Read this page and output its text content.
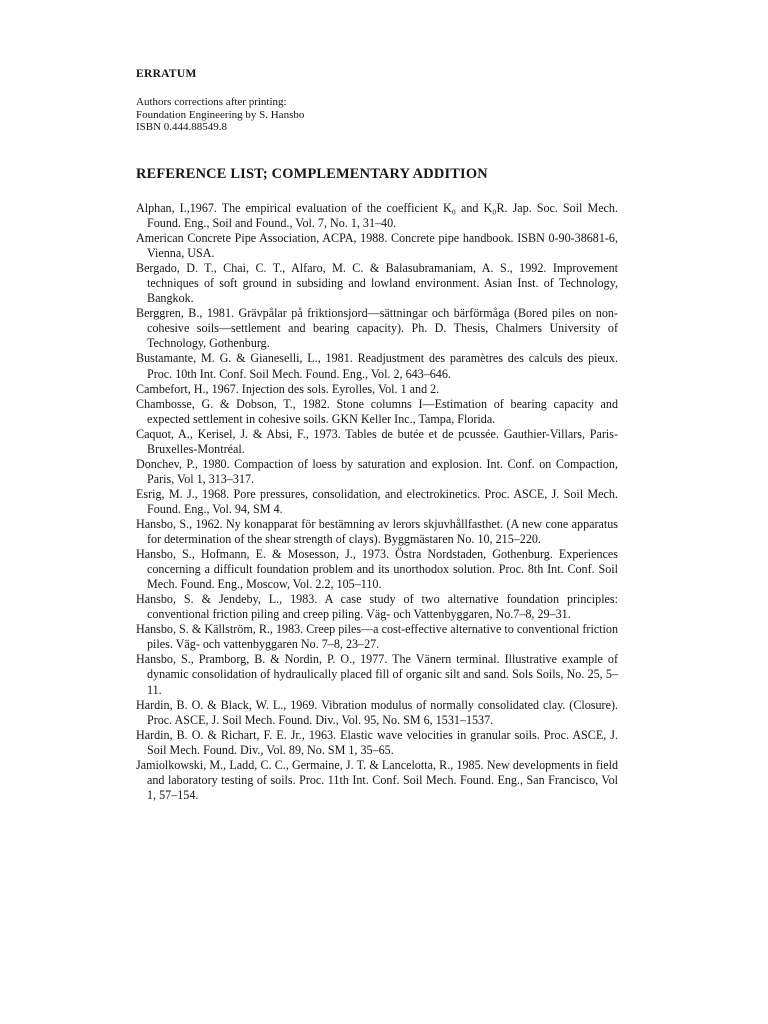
ERRATUM
Authors corrections after printing:
Foundation Engineering by S. Hansbo
ISBN 0.444.88549.8
REFERENCE LIST; COMPLEMENTARY ADDITION
Alphan, I.,1967. The empirical evaluation of the coefficient K₀ and K₀R. Jap. Soc. Soil Mech. Found. Eng., Soil and Found., Vol. 7, No. 1, 31–40.
American Concrete Pipe Association, ACPA, 1988. Concrete pipe handbook. ISBN 0-90-38681-6, Vienna, USA.
Bergado, D. T., Chai, C. T., Alfaro, M. C. & Balasubramaniam, A. S., 1992. Improvement techniques of soft ground in subsiding and lowland environment. Asian Inst. of Technology, Bangkok.
Berggren, B., 1981. Grävpålar på friktionsjord—sättningar och bärförmåga (Bored piles on non-cohesive soils—settlement and bearing capacity). Ph. D. Thesis, Chalmers University of Technology, Gothenburg.
Bustamante, M. G. & Gianeselli, L., 1981. Readjustment des paramètres des calculs des pieux. Proc. 10th Int. Conf. Soil Mech. Found. Eng., Vol. 2, 643–646.
Cambefort, H., 1967. Injection des sols. Eyrolles, Vol. 1 and 2.
Chambosse, G. & Dobson, T., 1982. Stone columns I—Estimation of bearing capacity and expected settlement in cohesive soils. GKN Keller Inc., Tampa, Florida.
Caquot, A., Kerisel, J. & Absi, F., 1973. Tables de butée et de pcussée. Gauthier-Villars, Paris-Bruxelles-Montréal.
Donchev, P., 1980. Compaction of loess by saturation and explosion. Int. Conf. on Compaction, Paris, Vol 1, 313–317.
Esrig, M. J., 1968. Pore pressures, consolidation, and electrokinetics. Proc. ASCE, J. Soil Mech. Found. Eng., Vol. 94, SM 4.
Hansbo, S., 1962. Ny konapparat för bestämning av lerors skjuvhållfasthet. (A new cone apparatus for determination of the shear strength of clays). Byggmästaren No. 10, 215–220.
Hansbo, S., Hofmann, E. & Mosesson, J., 1973. Östra Nordstaden, Gothenburg. Experiences concerning a difficult foundation problem and its unorthodox solution. Proc. 8th Int. Conf. Soil Mech. Found. Eng., Moscow, Vol. 2.2, 105–110.
Hansbo, S. & Jendeby, L., 1983. A case study of two alternative foundation principles: conventional friction piling and creep piling. Väg- och Vattenbyggaren, No.7–8, 29–31.
Hansbo, S. & Källström, R., 1983. Creep piles—a cost-effective alternative to conventional friction piles. Väg- och vattenbyggaren No. 7–8, 23–27.
Hansbo, S., Pramborg, B. & Nordin, P. O., 1977. The Vänern terminal. Illustrative example of dynamic consolidation of hydraulically placed fill of organic silt and sand. Sols Soils, No. 25, 5–11.
Hardin, B. O. & Black, W. L., 1969. Vibration modulus of normally consolidated clay. (Closure). Proc. ASCE, J. Soil Mech. Found. Div., Vol. 95, No. SM 6, 1531–1537.
Hardin, B. O. & Richart, F. E. Jr., 1963. Elastic wave velocities in granular soils. Proc. ASCE, J. Soil Mech. Found. Div., Vol. 89, No. SM 1, 35–65.
Jamiolkowski, M., Ladd, C. C., Germaine, J. T. & Lancelotta, R., 1985. New developments in field and laboratory testing of soils. Proc. 11th Int. Conf. Soil Mech. Found. Eng., San Francisco, Vol 1, 57–154.
